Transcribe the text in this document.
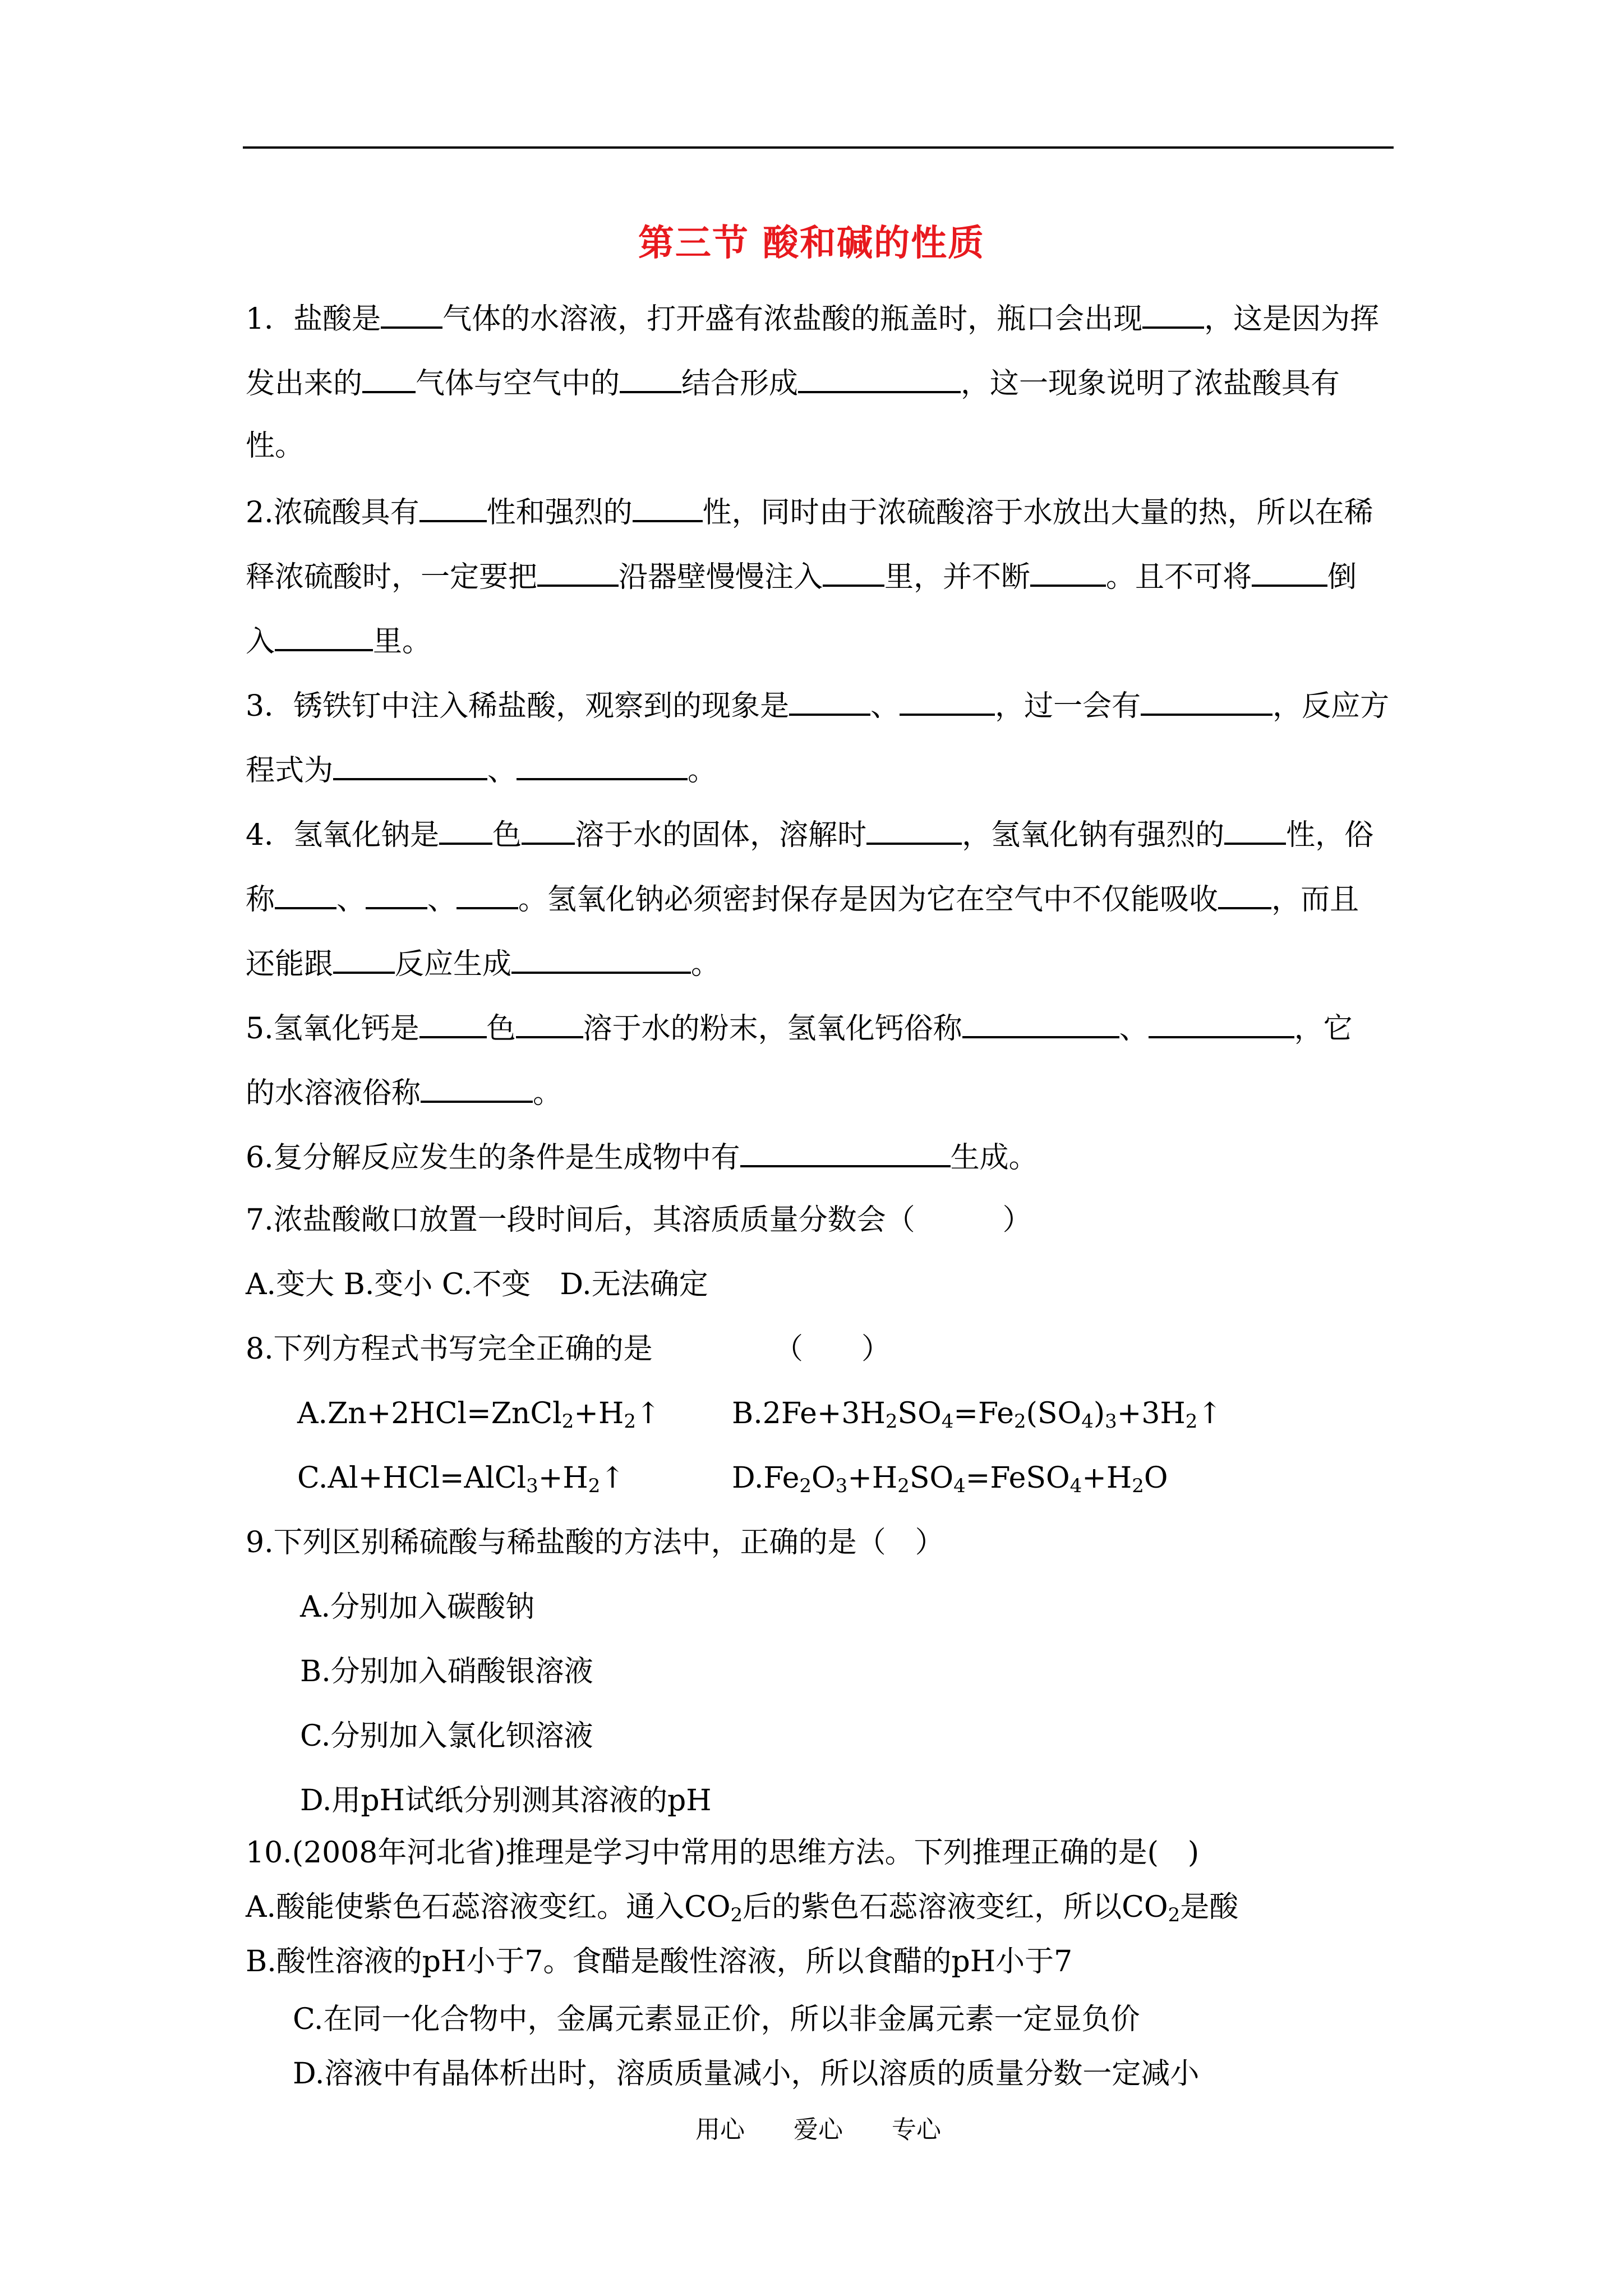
第三节 酸和碱的性质
1．盐酸是 气体的水溶液，打开盛有浓盐酸的瓶盖时，瓶口会出现 ，这是因为挥
发出来的 气体与空气中的 结合形成	，这一现象说明了浓盐酸具有
性。
2.浓硫酸具有 性和强烈的 性，同时由于浓硫酸溶于水放出大量的热，所以在稀
释浓硫酸时，一定要把	沿器壁慢慢注入 里，并不断	。且不可将	倒
入	里。
3．锈铁钉中注入稀盐酸，观察到的现象是	、	，过一会有	，反应方
程式为	、	。
4．氢氧化钠是 色 溶于水的固体，溶解时	，氢氧化钠有强烈的 性，俗
称 、 、 。氢氧化钠必须密封保存是因为它在空气中不仅能吸收 ，而且
还能跟 反应生成	。
5.氢氧化钙是 色 溶于水的粉末，氢氧化钙俗称	、	，它
的水溶液俗称	。
6.复分解反应发生的条件是生成物中有	生成。
7.浓盐酸敞口放置一段时间后，其溶质质量分数会（　　　）
A.变大 B.变小 C.不变　D.无法确定
8.下列方程式书写完全正确的是	（　　）
$A.Zn+2HCl=ZnCl_2+H_2↑$ $B.2Fe+3H_2SO_4=Fe_2(SO_4)_3+3H_2↑$
$C.Al+HCl=AlCl_3+H_2↑$	$D.Fe_2O_3+H_2SO_4=FeSO_4+H_2O$
9.下列区别稀硫酸与稀盐酸的方法中，正确的是（　）
A.分别加入碳酸钠
B.分别加入硝酸银溶液
C.分别加入氯化钡溶液
D.用pH试纸分别测其溶液的pH
10.(2008年河北省)推理是学习中常用的思维方法。下列推理正确的是(　)
A.酸能使紫色石蕊溶液变红。通入$CO_2$后的紫色石蕊溶液变红，所以$CO_2$是酸
B.酸性溶液的pH小于7。食醋是酸性溶液，所以食醋的pH小于7
C.在同一化合物中，金属元素显正价，所以非金属元素一定显负价
D.溶液中有晶体析出时，溶质质量减小，所以溶质的质量分数一定减小
用心 爱心 专心
